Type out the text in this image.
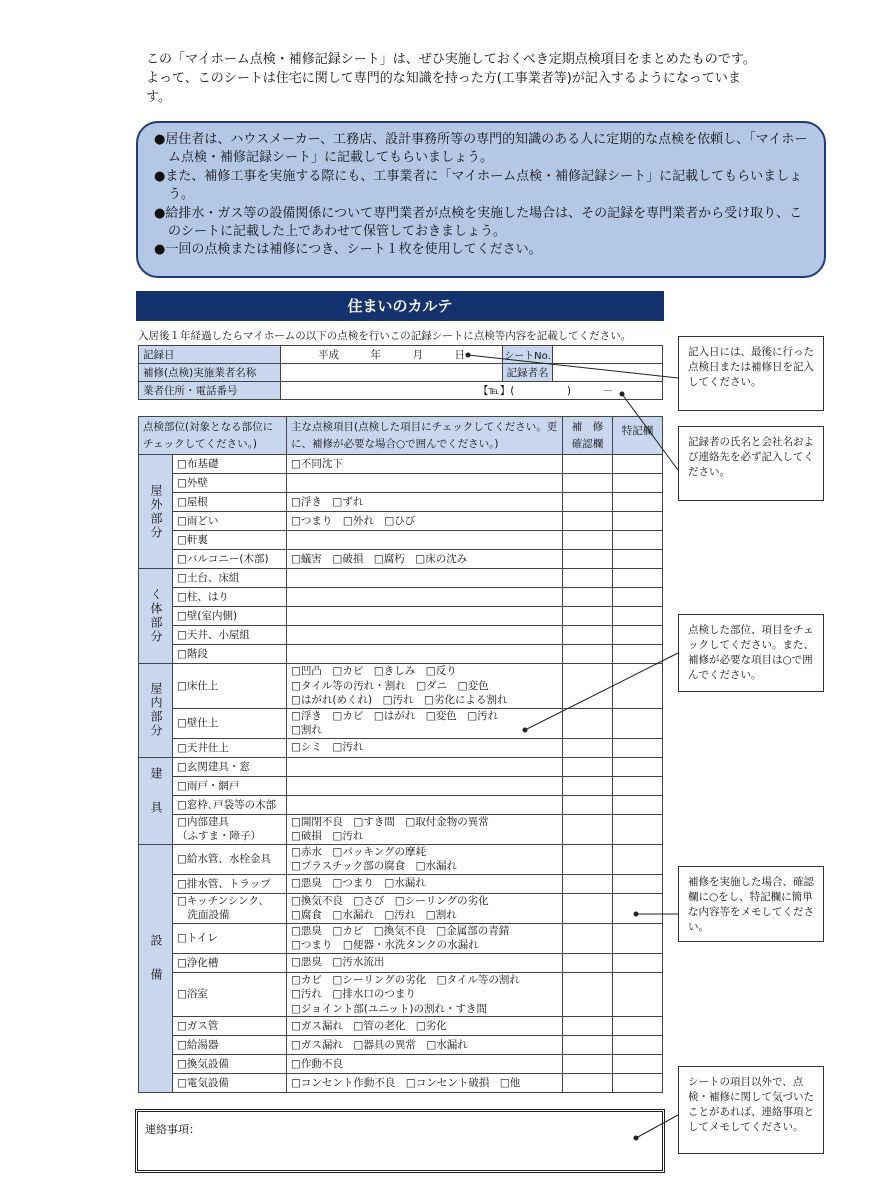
この「マイホーム点検・補修記録シート」は、ぜひ実施しておくべき定期点検項目をまとめたものです。

よって、このシートは住宅に関して専門的な知識を持った方(工事業者等)が記入するようになっていま

す。

●居住者は、ハウスメーカー、工務店、設計事務所等の専門的知識のある人に定期的な点検を依頼し、「マイホーム点検・補修記録シート」に記載してもらいましょう。

●また、補修工事を実施する際にも、工事業者に「マイホーム点検・補修記録シート」に記載してもらいましょう。

●給排水・ガス等の設備関係について専門業者が点検を実施した場合は、その記録を専門業者から受け取り、このシートに記載した上であわせて保管しておきましょう。

●一回の点検または補修につき、シート１枚を使用してください。

住まいのカルテ
入居後１年経過したらマイホームの以下の点検を行いこの記録シートに点検等内容を記載してください。
記録日	平成　　　年　　　月　　　日	シートNo.	
補修(点検)実施業者名称		記録者名	
業者住所・電話番号	【℡】(　　　　　)　　　－		
点検部位(対象となる部位にチェックしてください。)		主な点検項目(点検した項目にチェックしてください。更に、補修が必要な場合○で囲んでください。)	補　修確認欄	特記欄
屋外部分	□布基礎	□不同沈下		
	□外壁			
	□屋根	□浮き　□ずれ		
	□雨どい	□つまり　□外れ　□ひび		
	□軒裏			
	□バルコニー(木部)	□蟻害　□破損　□腐朽　□床の沈み		
く体部分	□土台、床組			
	□柱、はり			
	□壁(室内側)			
	□天井、小屋組			
	□階段			
屋内部分	□床仕上	□凹凸　□カビ　□きしみ　□反り
□タイル等の汚れ・割れ　□ダニ　□変色
□はがれ(めくれ)　□汚れ　□劣化による割れ		
	□壁仕上	□浮き　□カビ　□はがれ　□変色　□汚れ
□割れ		
	□天井仕上	□シミ　□汚れ		
建具	□玄関建具・窓			
	□雨戸・網戸			
	□窓枠､戸袋等の木部			
	□内部建具
（ふすま・障子）	□開閉不良　□すき間　□取付金物の異常
□破損　□汚れ		
設備	□給水管、水栓金具	□赤水　□パッキングの摩耗
□プラスチック部の腐食　□水漏れ		
	□排水管、トラップ	□悪臭　□つまり　□水漏れ		
	□キッチンシンク、
　洗面設備	□換気不良　□さび　□シーリングの劣化
□腐食　□水漏れ　□汚れ　□割れ		
	□トイレ	□悪臭　□カビ　□換気不良　□金属部の青錆
□つまり　□便器・水洗タンクの水漏れ		
	□浄化槽	□悪臭　□汚水流出		
	□浴室	□カビ　□シーリングの劣化　□タイル等の割れ
□汚れ　□排水口のつまり
□ジョイント部(ユニット)の割れ・すき間		
	□ガス管	□ガス漏れ　□管の老化　□劣化		
	□給湯器	□ガス漏れ　□器具の異常　□水漏れ		
	□換気設備	□作動不良		
	□電気設備	□コンセント作動不良　□コンセント破損　□他		
連絡事項：
記入日には、最後に行った点検日または補修日を記入してください。
記録者の氏名と会社名および連絡先を必ず記入してください。
点検した部位、項目をチェックしてください。また、補修が必要な項目は○で囲んでください。
補修を実施した場合、確認欄に○をし、特記欄に簡単な内容等をメモしてください。
シートの項目以外で、点検・補修に関して気づいたことがあれば、連絡事項としてメモしてください。
